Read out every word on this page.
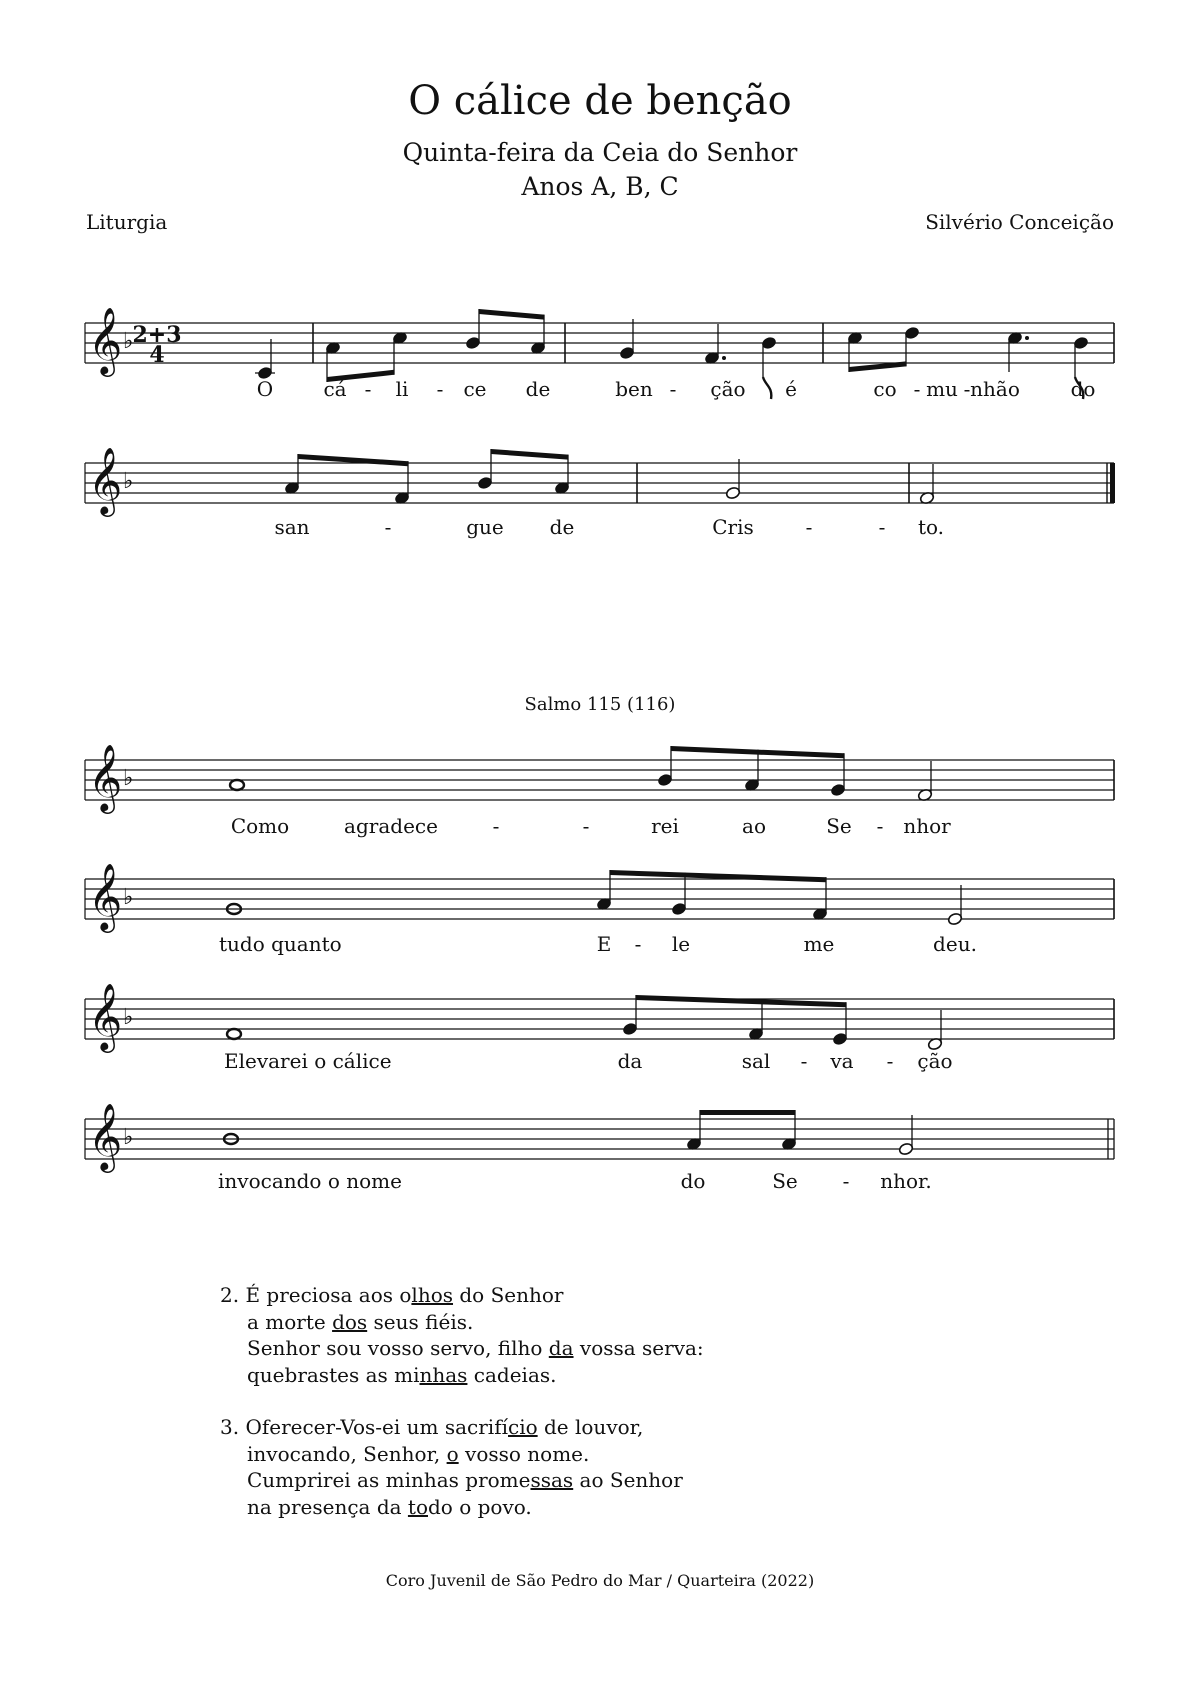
O cálice de benção
Quinta-feira da Ceia do Senhor
Anos A, B, C
Liturgia	Silvério Conceição
𝄞 ♭ 2+3
4
𝄞 ♭
𝄞 ♭
𝄞 ♭
𝄞 ♭
𝄞 ♭
O	cá - li - ce de	ben - ção é	co - mu - nhão	do
san	-	gue de	Cris	-	- to.
Salmo 115 (116)
Como	agradece	-	-	rei	ao	Se - nhor
tudo quanto	E - le	me	deu.
Elevarei o cálice	da	sal - va - ção
invocando o nome	do	Se - nhor.
2. É preciosa aos olhos do Senhor
a morte dos seus fiéis.
Senhor sou vosso servo, filho da vossa serva:
quebrastes as minhas cadeias.
3. Oferecer-Vos-ei um sacrifício de louvor,
invocando, Senhor, o vosso nome.
Cumprirei as minhas promessas ao Senhor
na presença da todo o povo.
Coro Juvenil de São Pedro do Mar / Quarteira (2022)
